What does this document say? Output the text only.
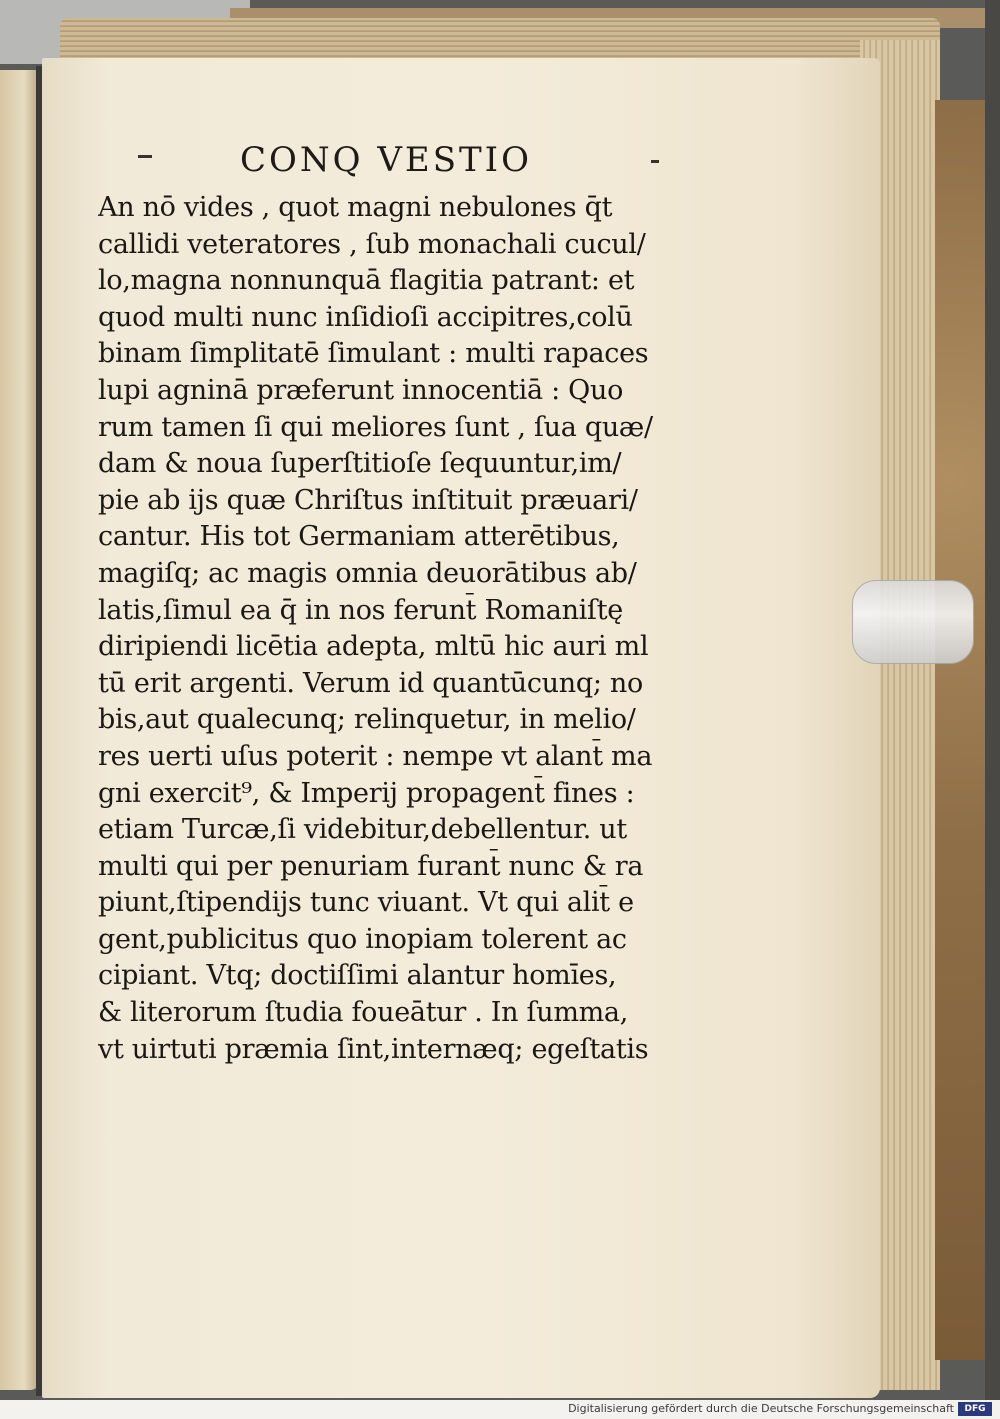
CONQ VESTIO
An nō vides , quot magni nebulones q̄t
callidi veteratores , ſub monachali cucul/
lo,magna nonnunquā flagitia patrant: et
quod multi nunc inſidioſi accipitres,colū
binam ſimplitatē ſimulant : multi rapaces
lupi agninā præferunt innocentiā : Quo
rum tamen ſi qui meliores ſunt , ſua quæ/
dam & noua ſuperſtitioſe ſequuntur,im/
pie ab ijs quæ Chriſtus inſtituit præuari/
cantur. His tot Germaniam atterētibus,
magiſq; ac magis omnia deuorātibus ab/
latis,ſimul ea q̄ in nos ferunt̄ Romaniſtę
diripiendi licētia adepta, mltū hic auri ml
tū erit argenti. Verum id quantūcunq; no
bis,aut qualecunq; relinquetur, in melio/
res uerti uſus poterit : nempe vt alant̄ ma
gni exercit⁹, & Imperij propagent̄ fines :
etiam Turcæ,ſi videbitur,debellentur. ut
multi qui per penuriam furant̄ nunc & ra
piunt,ſtipendijs tunc viuant. Vt qui alit̄ e
gent,publicitus quo inopiam tolerent ac
cipiant. Vtq; doctiſſimi alantur homīes,
& literorum ſtudia foueātur . In ſumma,
vt uirtuti præmia ſint,internæq; egeſtatis
Digitalisierung gefördert durch die Deutsche Forschungsgemeinschaft	DFG
